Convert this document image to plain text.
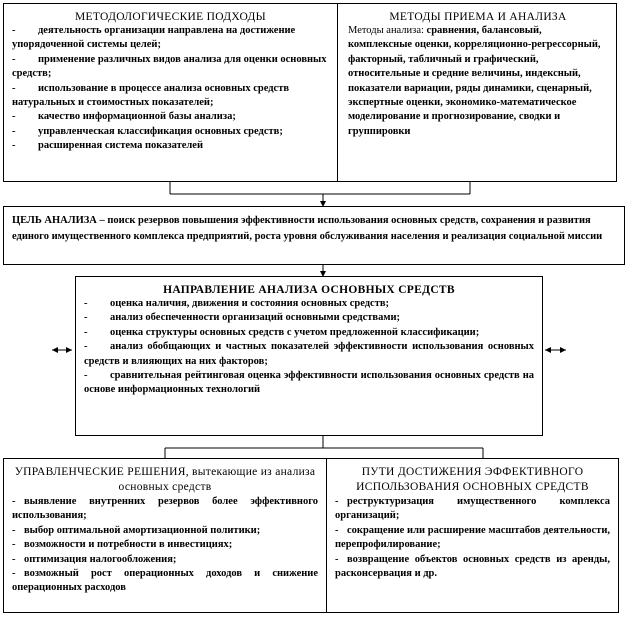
МЕТОДОЛОГИЧЕСКИЕ ПОДХОДЫ

- деятельность организации направлена на достижение упорядоченной системы целей;

- применение различных видов анализа для оценки основных средств;

- использование в процессе анализа основных средств натуральных и стоимостных показателей;

- качество информационной базы анализа;

- управленческая классификация основных средств;

- расширенная система показателей

МЕТОДЫ ПРИЕМА И АНАЛИЗА

Методы анализа: сравнения, балансовый, комплексные оценки, корреляционно-регрессорный, факторный, табличный и графический, относительные и средние величины, индексный, показатели вариации, ряды динамики, сценарный, экспертные оценки, экономико-математическое моделирование и прогнозирование, сводки и группировки

ЦЕЛЬ АНАЛИЗА – поиск резервов повышения эффективности использования основных средств, сохранения и развития единого имущественного комплекса предприятий, роста уровня обслуживания населения и реализация социальной миссии

НАПРАВЛЕНИЕ АНАЛИЗА ОСНОВНЫХ СРЕДСТВ

- оценка наличия, движения и состояния основных средств;

- анализ обеспеченности организаций основными средствами;

- оценка структуры основных средств с учетом предложенной классификации;

- анализ обобщающих и частных показателей эффективности использования основных средств и влияющих на них факторов;

- сравнительная рейтинговая оценка эффективности использования основных средств на основе информационных технологий

УПРАВЛЕНЧЕСКИЕ РЕШЕНИЯ, вытекающие из анализа основных средств

- выявление внутренних резервов более эффективного использования;

- выбор оптимальной амортизационной политики;

- возможности и потребности в инвестициях;

- оптимизация налогообложения;

- возможный рост операционных доходов и снижение операционных расходов

ПУТИ ДОСТИЖЕНИЯ ЭФФЕКТИВНОГО ИСПОЛЬЗОВАНИЯ ОСНОВНЫХ СРЕДСТВ

- реструктуризация имущественного комплекса организаций;

- сокращение или расширение масштабов деятельности, перепрофилирование;

- возвращение объектов основных средств из аренды, расконсервация и др.
